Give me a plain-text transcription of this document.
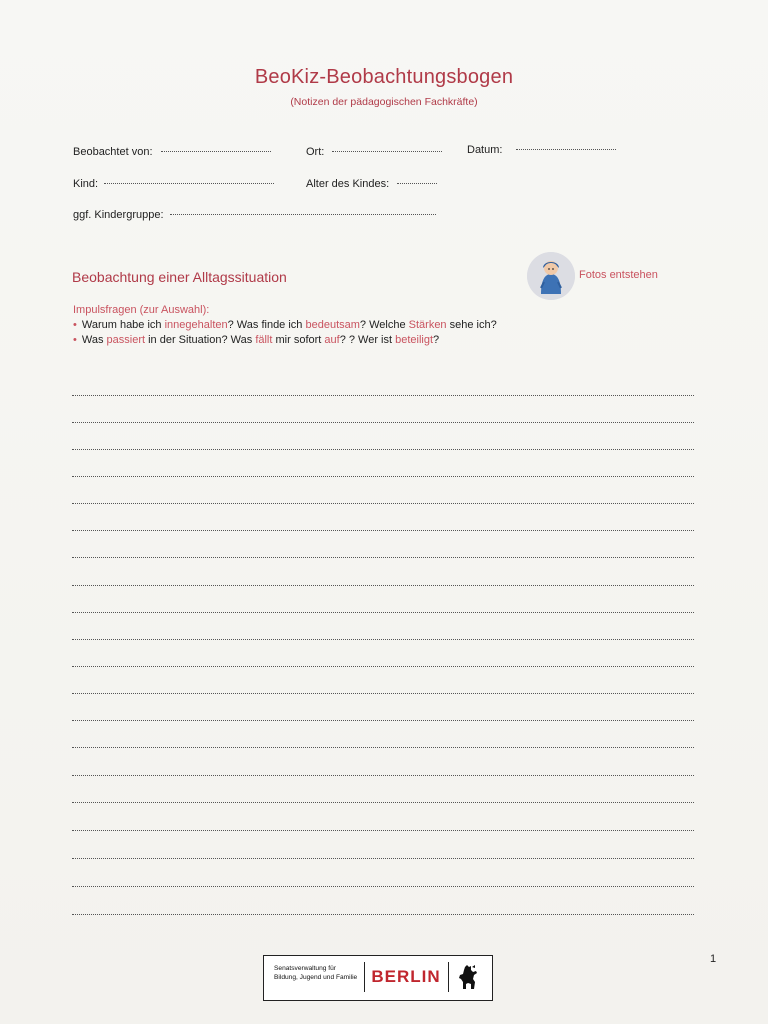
BeoKiz-Beobachtungsbogen
(Notizen der pädagogischen Fachkräfte)
Beobachtet von:	Ort:	Datum:
Kind:	Alter des Kindes:
ggf. Kindergruppe:
Beobachtung einer Alltagssituation	Fotos entstehen
Impulsfragen (zur Auswahl):
• Warum habe ich innegehalten? Was finde ich bedeutsam? Welche Stärken sehe ich?
• Was passiert in der Situation? Was fällt mir sofort auf? ? Wer ist beteiligt?
1
Senatsverwaltung für Bildung, Jugend und Familie BERLIN
